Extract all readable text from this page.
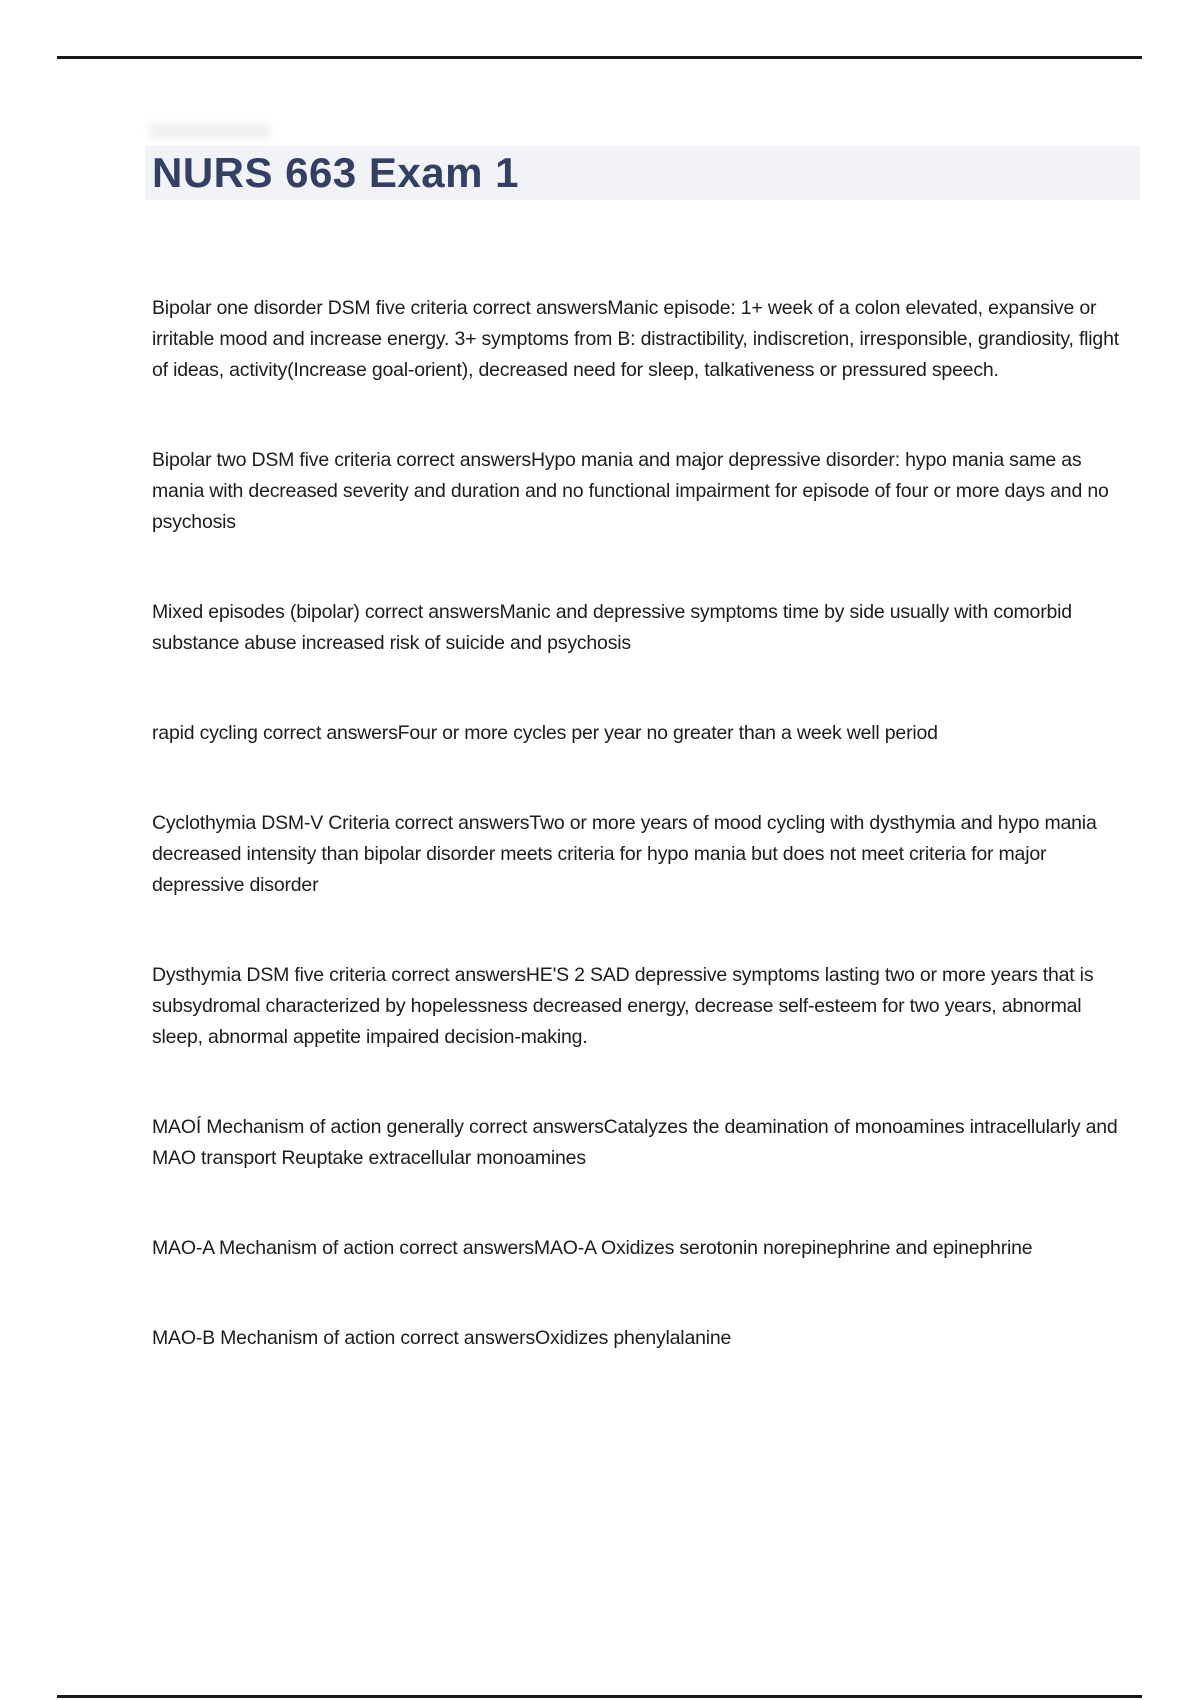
NURS 663 Exam 1

Bipolar one disorder DSM five criteria correct answersManic episode: 1+ week of a colon elevated, expansive or irritable mood and increase energy. 3+ symptoms from B: distractibility, indiscretion, irresponsible, grandiosity, flight of ideas, activity(Increase goal-orient), decreased need for sleep, talkativeness or pressured speech.

Bipolar two DSM five criteria correct answersHypo mania and major depressive disorder: hypo mania same as mania with decreased severity and duration and no functional impairment for episode of four or more days and no psychosis

Mixed episodes (bipolar) correct answersManic and depressive symptoms time by side usually with comorbid substance abuse increased risk of suicide and psychosis

rapid cycling correct answersFour or more cycles per year no greater than a week well period

Cyclothymia DSM-V Criteria correct answersTwo or more years of mood cycling with dysthymia and hypo mania decreased intensity than bipolar disorder meets criteria for hypo mania but does not meet criteria for major depressive disorder

Dysthymia DSM five criteria correct answersHE'S 2 SAD depressive symptoms lasting two or more years that is subsydromal characterized by hopelessness decreased energy, decrease self-esteem for two years, abnormal sleep, abnormal appetite impaired decision-making.

MAOÍ Mechanism of action generally correct answersCatalyzes the deamination of monoamines intracellularly and MAO transport Reuptake extracellular monoamines

MAO-A Mechanism of action correct answersMAO-A Oxidizes serotonin norepinephrine and epinephrine

MAO-B Mechanism of action correct answersOxidizes phenylalanine
